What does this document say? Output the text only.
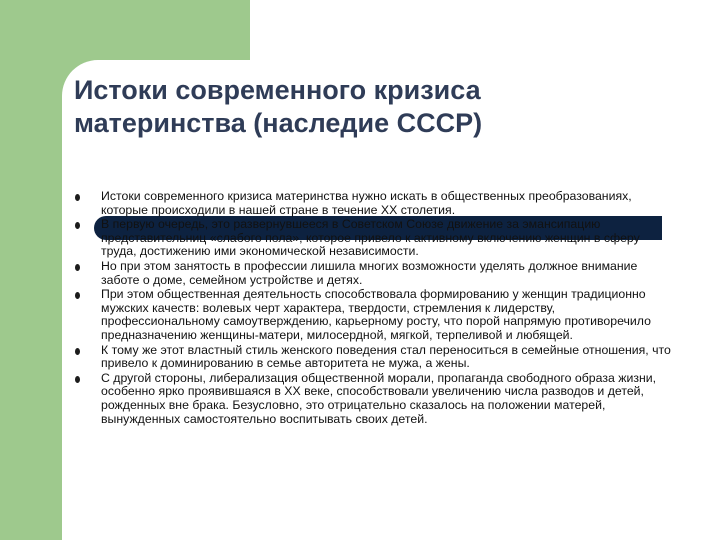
Истоки современного кризиса
материнства (наследие СССР)
Истоки современного кризиса материнства нужно искать в общественных преобразованиях, которые происходили в нашей стране в течение XX столетия.
В первую очередь, это развернувшееся в Советском Союзе движение за эмансипацию представительниц «слабого пола», которое привело к активному включению женщин в сферу труда, достижению ими экономической независимости.
Но при этом занятость в профессии лишила многих возможности уделять должное внимание заботе о доме, семейном устройстве и детях.
При этом общественная деятельность способствовала формированию у женщин традиционно мужских качеств: волевых черт характера, твердости, стремления к лидерству, профессиональному самоутверждению, карьерному росту, что порой напрямую противоречило предназначению женщины-матери, милосердной, мягкой, терпеливой и любящей.
К тому же этот властный стиль женского поведения стал переноситься в семейные отношения, что привело к доминированию в семье авторитета не мужа, а жены.
С другой стороны, либерализация общественной морали, пропаганда свободного образа жизни, особенно ярко проявившаяся в XX веке, способствовали увеличению числа разводов и детей, рожденных вне брака. Безусловно, это отрицательно сказалось на положении матерей, вынужденных самостоятельно воспитывать своих детей.
